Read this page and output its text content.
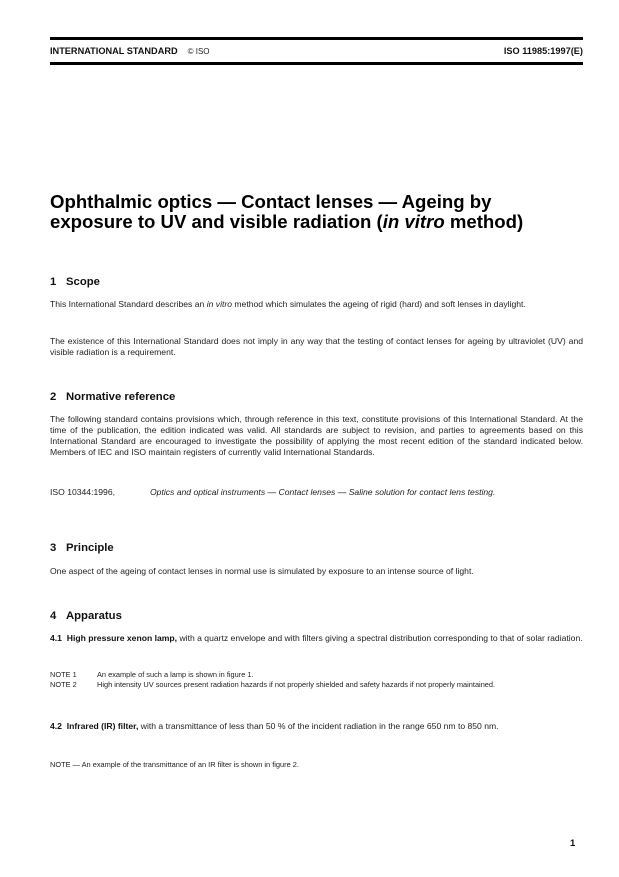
INTERNATIONAL STANDARD © ISO	ISO 11985:1997(E)
Ophthalmic optics — Contact lenses — Ageing by
exposure to UV and visible radiation (in vitro method)
1 Scope

This International Standard describes an in vitro method which simulates the ageing of rigid (hard) and soft lenses in daylight.

The existence of this International Standard does not imply in any way that the testing of contact lenses for ageing by ultraviolet (UV) and visible radiation is a requirement.

2 Normative reference

The following standard contains provisions which, through reference in this text, constitute provisions of this International Standard. At the time of the publication, the edition indicated was valid. All standards are subject to revision, and parties to agreements based on this International Standard are encouraged to investigate the possibility of applying the most recent edition of the standard indicated below. Members of IEC and ISO maintain registers of currently valid International Standards.

ISO 10344:1996,	Optics and optical instruments — Contact lenses — Saline solution for contact lens testing.
3 Principle

One aspect of the ageing of contact lenses in normal use is simulated by exposure to an intense source of light.

4 Apparatus

4.1 High pressure xenon lamp, with a quartz envelope and with filters giving a spectral distribution corresponding to that of solar radiation.

NOTE 1	An example of such a lamp is shown in figure 1.

NOTE 2	High intensity UV sources present radiation hazards if not properly shielded and safety hazards if not properly maintained.

4.2 Infrared (IR) filter, with a transmittance of less than 50 % of the incident radiation in the range 650 nm to 850 nm.

NOTE — An example of the transmittance of an IR filter is shown in figure 2.

1
